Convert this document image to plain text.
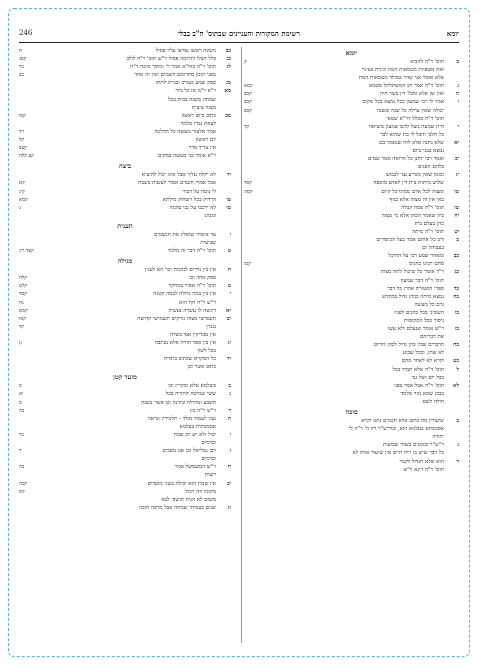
יומא
רשימת המקורות והעניינים שבתוס' ח"ב בבלי
246
יומא
ב
תוס' ר"ה להביא
ק
ואת אשפיות מטמאות המת וגיגית בעיגר
אלא אומר אני שהיו במולד מטמאות המת
ג
תוס' ד"ה אמר רב המשתלתל מטמא
קסא
ה
ואין שן אלא זהב? דין בשר חיה
קסב
ו
אמר לו רבי שמעון בכל נמצא בכל מקום
קסב
יכולה שאין ערלה כל שנה ובשנה
קסב
תוס' ד"ה מכלל דר"א שמאי
י
הית שמעה מעל להם שמעון מוציאה
קד
כל חלבי והכל לי בת שהוא לבר
יא
שלא נתנה אלא לזה שנאמר בם
נמצא בבני ביום
יב
ואמר רבי יוחנן כל הרואה אמר שמים
בלחם הפנים
יג
ובזמן שאין מסייע עני לכבוש
שלוש מיתות בית דין לאדם מוספה
קסד
טו
ומצוה לכל אדם ממתו כל קיום
קסה
באי אין זה מצוה אלא בגוף
טז
תוס' ר"ה פסח קבלה
יח
כיון שאמר הכהן אלא נר מצוה
כהן בעלם בית
יט
תוס' ר"ה מיתה
כ
ורב כל אותם אמר בעל הכיפורים
בעבודה וכן
כב
ומאחר שמע רבי על ההיכל
סתם רבינו כהניס
קסו
כג
ר"ד אומר כל שיכול לתת מצות
תוס' ר"ה דבר שמעון
כד
ספרי הקטורת אהרן כל דבר
כה
נמצא מיתה בכהן גדול במקדש
גרם כל מעשה
כו
השמיני בכל כהנים לפניו
ניסוך בכל המקומות
כז
ר"ש אומר שנעלם ולא עשו
את דבריהם
כח
הדברים שבין כהן גדול לכהן הדיוט
לא שתו, ובכל שבוע
כט
וקרא לא לאחד מהם
ל
תוס' ד"ה אלא תמיד בכל
בכל יום ושל גבי
לא
תוס' ר"ה אבל אמר בפני
בבכן שמא גזור מלמד
חולה לשם
סוכה
ב
שיעורין מה כתוב אלא חכמים נתנו וקרא
אסמכתא בעלמא הוא, ובדרש"ר רק ה' ר"ה לי
יהודה
ג
ר"ש"ר ובזמנים בשתי שבועות
כל דבר שיש בו ריח חיים אין שיעור אותו לא
ד
הוא שלא הגדול לקבר
תוס' ר"ה דינא ר"ש
כב
נקמנה ראשו נפרצו עליו פסול
ח
כג
כלל חבלו ותרומה פסול ר"ש תוס' ר"ה לולב
קסג
לג
תוס' ר"ה בזה"א אמר ר' ומתוך סיבה ר"ה
כד
מפני הזמן מתרומם השמים ואין זה אחד
כב
מג
ספק שמע בעורב ובניתו לתתו
מא
ר"א ר"מ אז כל מיד
שמחה משנה בבית בכל
מצוה ציצית
מב
כתוב ביום ראשון
קסו
לצאת גברו מלמד
אמר אלעזר מעשה כל ההלכה
רד
יום ראשון
קל
אין צריך סדר
קצב
ר"א אומר בני מעשה במקום
קצ,קלח
ביצה
יד
לא יקלה עליך אבל אינו יכול להוציא
אבל אמרו חכמים אסור לעשות בשבת
קא
לי נוטה על דבור
קיג
טו
הרדוק בכל וישחוק מילתא
קמא
טז
לא ירכבו על גבי בהמה
ג
ומנהג
תענית
ו
עד אימתי שואלין את הגשמים
שביעית
ט
תוס' ר"ה דבר זה מלמד
קצד,ריג
מגילה
ח
אין בין גדרים לנדבות וכו' הא לענין
ספק אחד וכו
קלח
ט
תוס' ר"ה אסור במחקר
קלט
י
אין בין במה גדולה לבמה קטנה
קסד
ר"ש ר"ה וקל הוא
גח
יא
דיגשה לו עשרה נעשיה
קמא
יב
תשמישי מצוה נזרקים תשמישי קדושה
קמז
נגנזין
קד
אין מבדיקין אפי בשרה
יג
אין בין ספר תורה אלא נכתבה
גן
בכל לשון
יד
כל המקרא שכתוב בתורה
כתוב אשר וכן
מועד קטן
ב
בשלמא אלא ומקרין וכו
ס
ג
ששי שמיטה התורה בכל
יא
השבע ומחילה ונתינה וכן אשר בשנה
ס
ד
ר"ש ר"ה כזן
כה
ה
נעין לעמוד מולד - תלמידין ונראה
אסמכתות בעלמא
ו
יכול ולא יש רב שבת
כד
ובדמים
ז
רבן גמליאל וכן אנו נוסבים
ד
ובדמים
ח
ר"ש המשמשל אמר
כה
רשות
יב
אין שכרן הוא יכולה בשני מועדים
קכח
מקומו וזה ויכול
קס
משום לא הניח תושבי לבא
יג
שנים בצמיתי שמחה אבל מרבה חובה
